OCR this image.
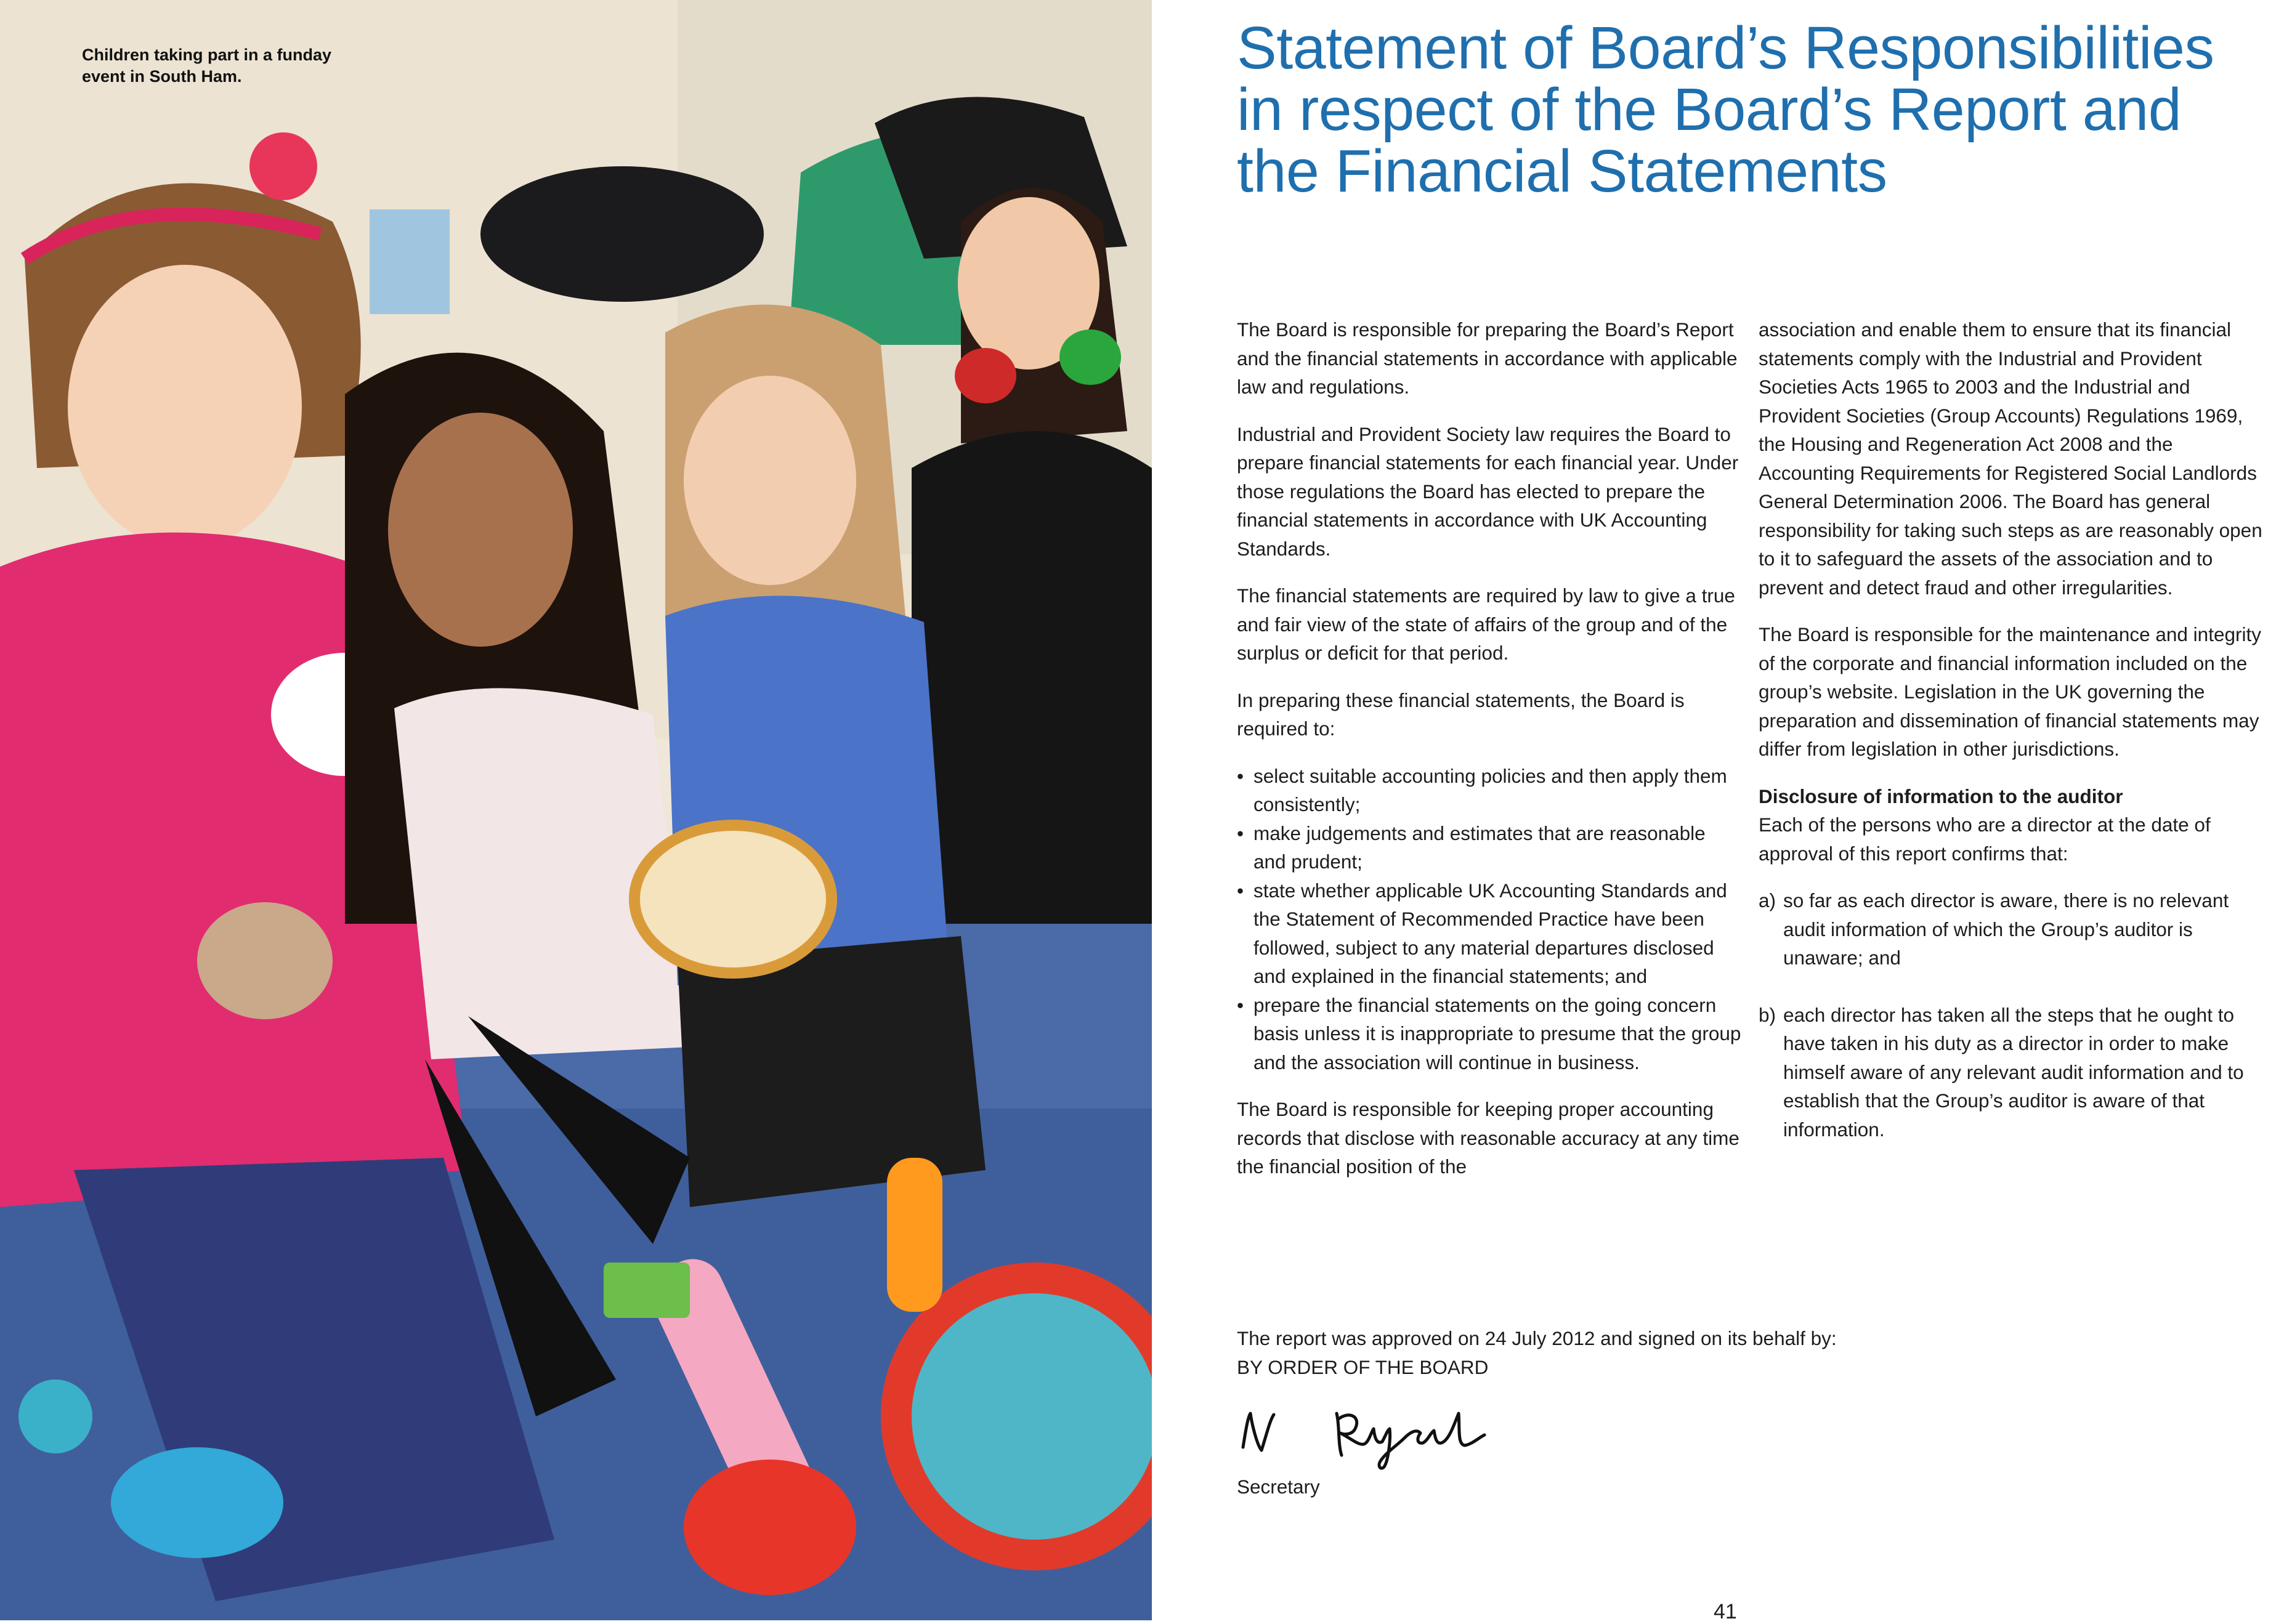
Children taking part in a funday event in South Ham.	Statement of Board’s Responsibilities in respect of the Board’s Report and the Financial Statements

The Board is responsible for preparing the Board’s Report and the financial statements in accordance with applicable law and regulations.

Industrial and Provident Society law requires the Board to prepare financial statements for each financial year. Under those regulations the Board has elected to prepare the financial statements in accordance with UK Accounting Standards.

The financial statements are required by law to give a true and fair view of the state of affairs of the group and of the surplus or deficit for that period.

In preparing these financial statements, the Board is required to:

• select suitable accounting policies and then apply them consistently;
• make judgements and estimates that are reasonable and prudent;
• state whether applicable UK Accounting Standards and the Statement of Recommended Practice have been followed, subject to any material departures disclosed and explained in the financial statements; and
• prepare the financial statements on the going concern basis unless it is inappropriate to presume that the group and the association will continue in business.

The Board is responsible for keeping proper accounting records that disclose with reasonable accuracy at any time the financial position of the

association and enable them to ensure that its financial statements comply with the Industrial and Provident Societies Acts 1965 to 2003 and the Industrial and Provident Societies (Group Accounts) Regulations 1969, the Housing and Regeneration Act 2008 and the Accounting Requirements for Registered Social Landlords General Determination 2006. The Board has general responsibility for taking such steps as are reasonably open to it to safeguard the assets of the association and to prevent and detect fraud and other irregularities.

The Board is responsible for the maintenance and integrity of the corporate and financial information included on the group’s website. Legislation in the UK governing the preparation and dissemination of financial statements may differ from legislation in other jurisdictions.

Disclosure of information to the auditor

Each of the persons who are a director at the date of approval of this report confirms that:

a) so far as each director is aware, there is no relevant audit information of which the Group’s auditor is unaware; and
b) each director has taken all the steps that he ought to have taken in his duty as a director in order to make himself aware of any relevant audit information and to establish that the Group’s auditor is aware of that information.

The report was approved on 24 July 2012 and signed on its behalf by:

BY ORDER OF THE BOARD

Secretary
41
